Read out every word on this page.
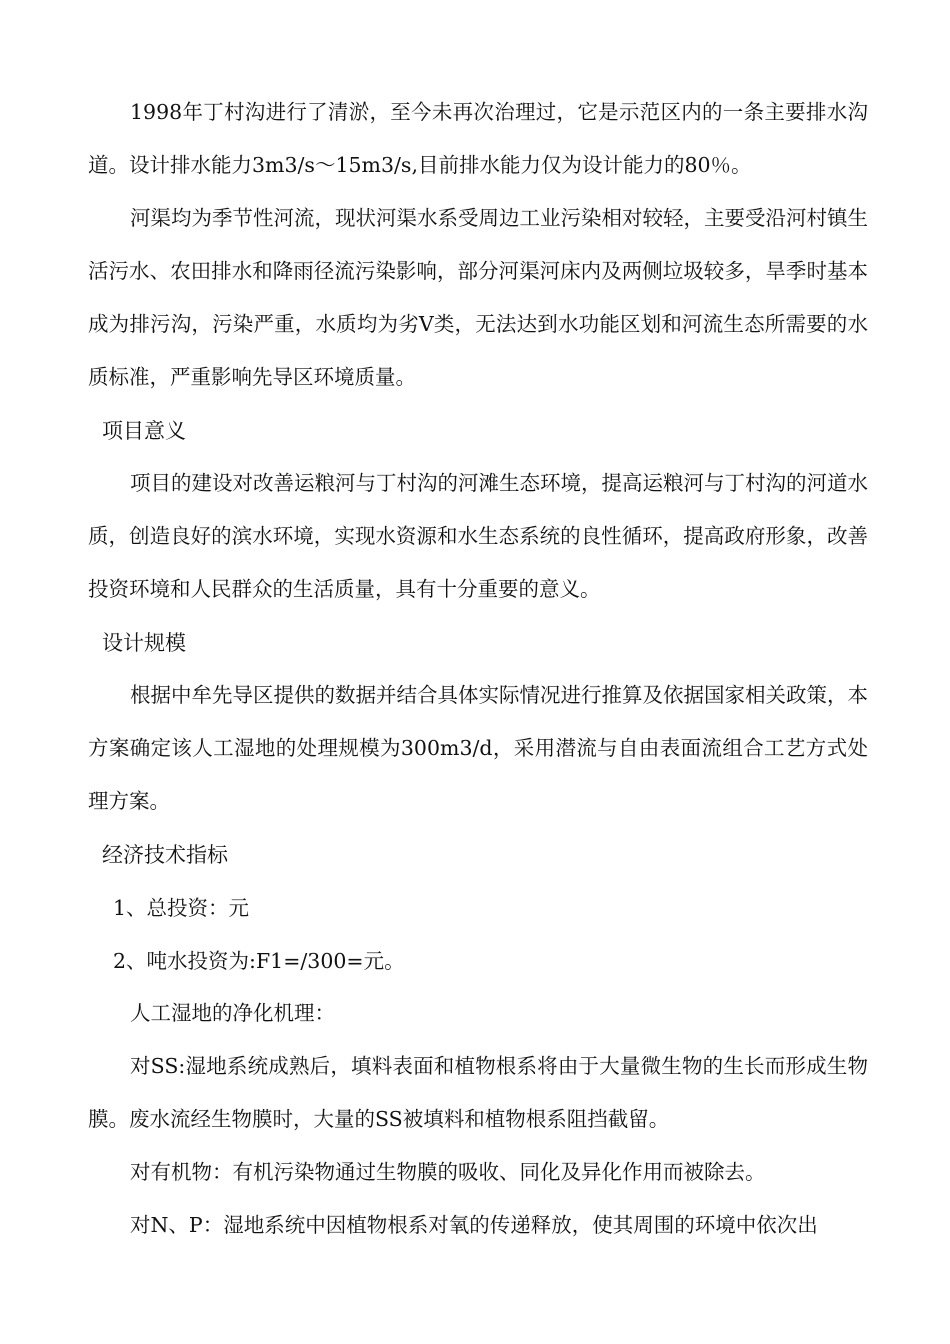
1998年丁村沟进行了清淤，至今未再次治理过，它是示范区内的一条主要排水沟道。设计排水能力3m3/s～15m3/s,目前排水能力仅为设计能力的80％。
河渠均为季节性河流，现状河渠水系受周边工业污染相对较轻，主要受沿河村镇生活污水、农田排水和降雨径流污染影响，部分河渠河床内及两侧垃圾较多，旱季时基本成为排污沟，污染严重，水质均为劣Ⅴ类，无法达到水功能区划和河流生态所需要的水质标准，严重影响先导区环境质量。
项目意义
项目的建设对改善运粮河与丁村沟的河滩生态环境，提高运粮河与丁村沟的河道水质，创造良好的滨水环境，实现水资源和水生态系统的良性循环，提高政府形象，改善投资环境和人民群众的生活质量，具有十分重要的意义。
设计规模
根据中牟先导区提供的数据并结合具体实际情况进行推算及依据国家相关政策，本方案确定该人工湿地的处理规模为300m3/d，采用潜流与自由表面流组合工艺方式处理方案。
经济技术指标
1、总投资：元
2、吨水投资为:F1=/300=元。
人工湿地的净化机理：
对SS:湿地系统成熟后，填料表面和植物根系将由于大量微生物的生长而形成生物膜。废水流经生物膜时，大量的SS被填料和植物根系阻挡截留。
对有机物：有机污染物通过生物膜的吸收、同化及异化作用而被除去。
对N、P：湿地系统中因植物根系对氧的传递释放，使其周围的环境中依次出
